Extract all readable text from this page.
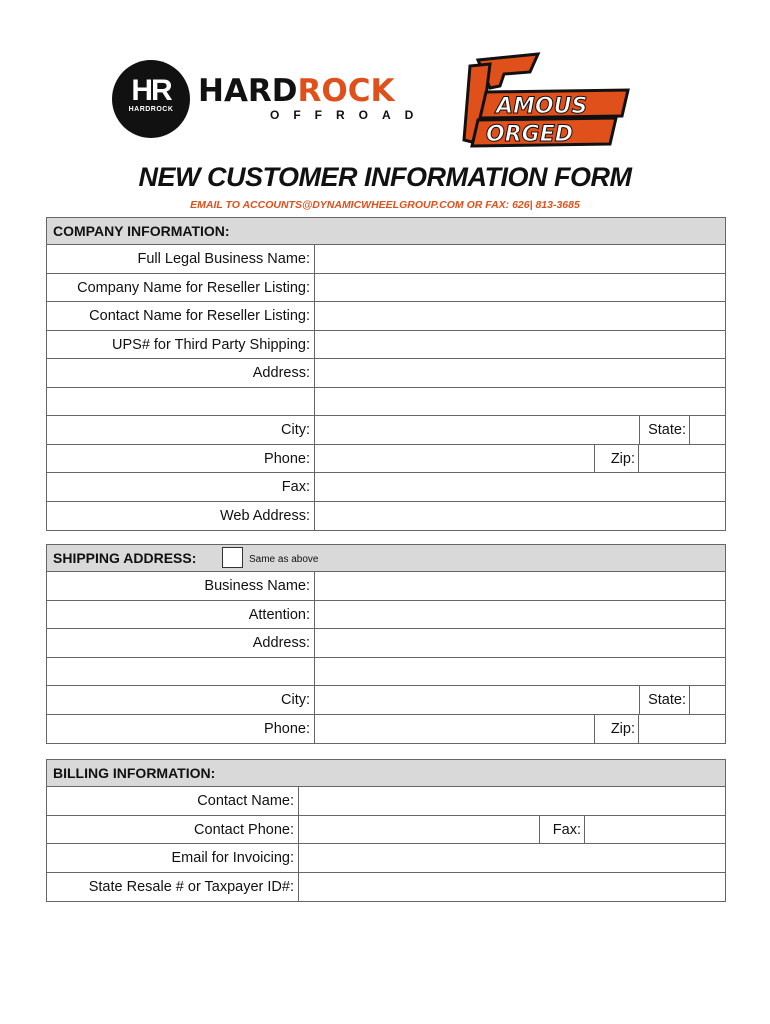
HR
HARDROCK
HARDROCK
OFFROAD	AMOUS
ORGED
NEW CUSTOMER INFORMATION FORM
EMAIL TO ACCOUNTS@DYNAMICWHEELGROUP.COM OR FAX: 626| 813-3685
COMPANY INFORMATION:
Full Legal Business Name:
Company Name for Reseller Listing:
Contact Name for Reseller Listing:
UPS# for Third Party Shipping:
Address:
City:	State:
Phone:	Zip:
Fax:
Web Address:
SHIPPING ADDRESS:	Same as above
Business Name:
Attention:
Address:
City:	State:
Phone:	Zip:
BILLING INFORMATION:
Contact Name:
Contact Phone:	Fax:
Email for Invoicing:
State Resale # or Taxpayer ID#:
